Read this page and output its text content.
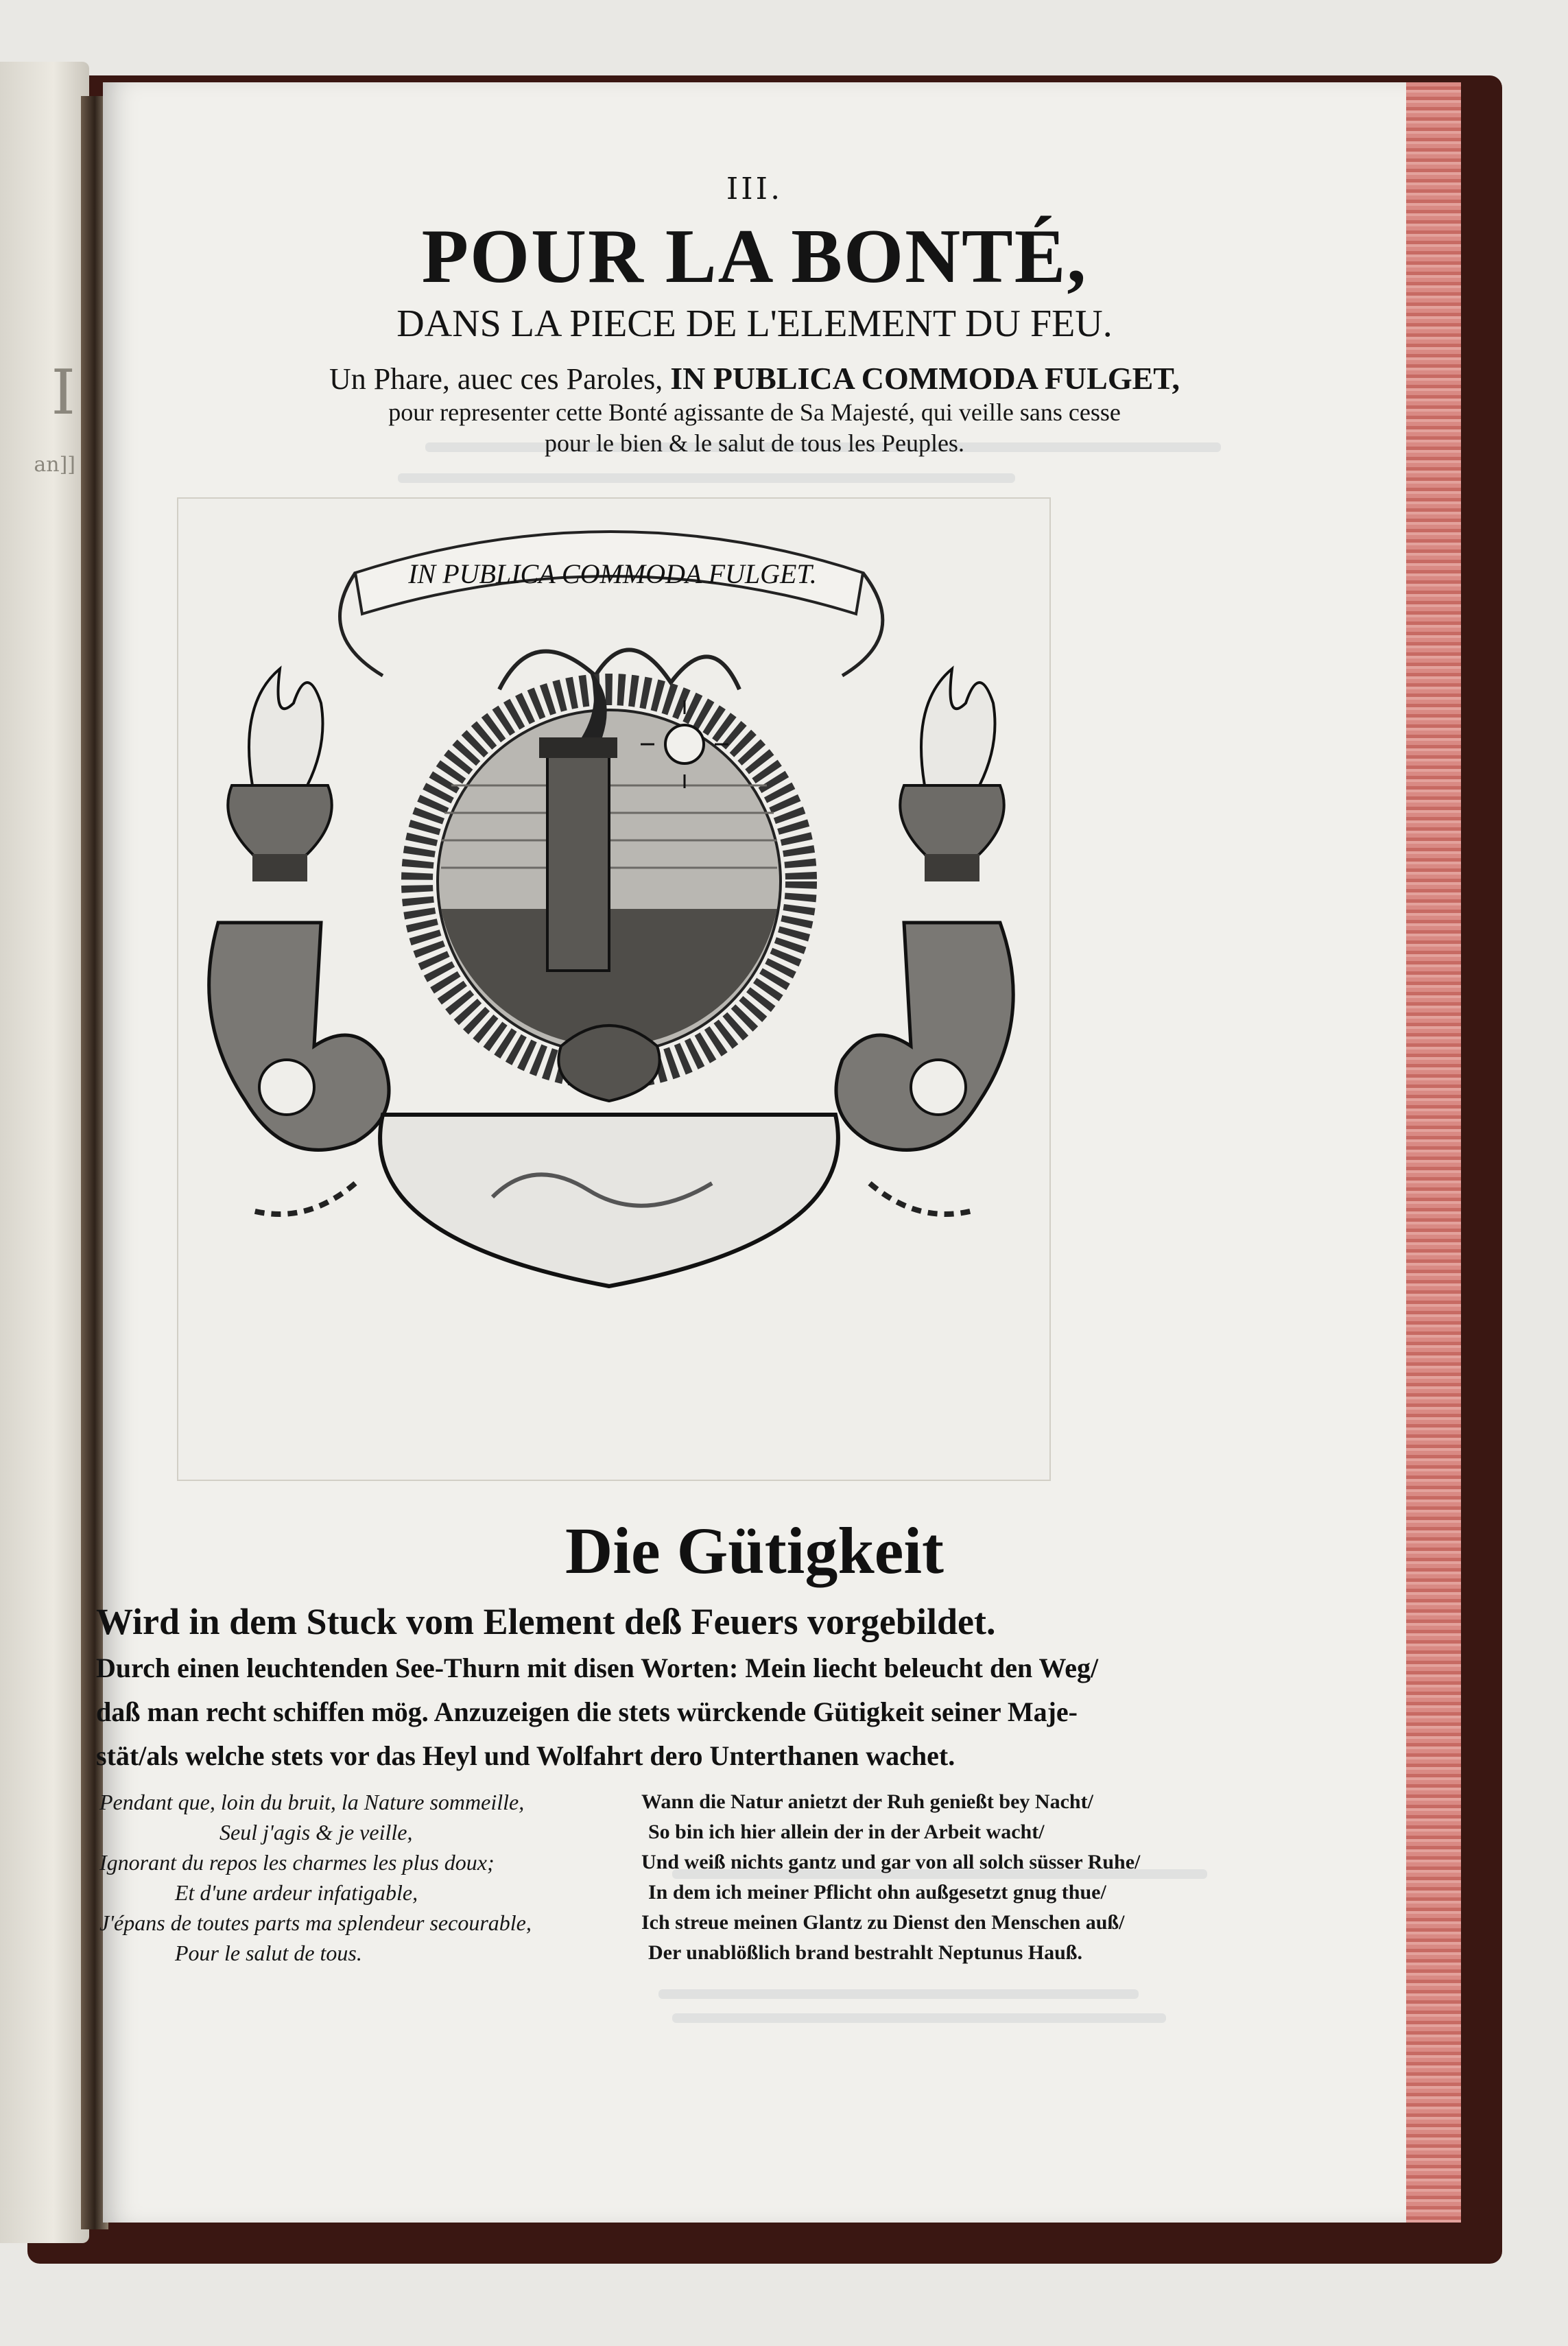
I
an]]
III.
POUR LA BONTÉ,
DANS LA PIECE DE L'ELEMENT DU FEU.
Un Phare, auec ces Paroles, IN PUBLICA COMMODA FULGET,
pour representer cette Bonté agissante de Sa Majesté, qui veille sans cesse
pour le bien & le salut de tous les Peuples.
IN PUBLICA COMMODA FULGET.
Die Gütigkeit
Wird in dem Stuck vom Element deß Feuers vorgebildet.
Durch einen leuchtenden See-Thurn mit disen Worten: Mein liecht beleucht den Weg/
daß man recht schiffen mög. Anzuzeigen die stets würckende Gütigkeit seiner Maje-
stät/als welche stets vor das Heyl und Wolfahrt dero Unterthanen wachet.
Pendant que, loin du bruit, la Nature sommeille,
Seul j'agis & je veille,
Ignorant du repos les charmes les plus doux;
Et d'une ardeur infatigable,
J'épans de toutes parts ma splendeur secourable,
Pour le salut de tous.
Wann die Natur anietzt der Ruh genießt bey Nacht/
So bin ich hier allein der in der Arbeit wacht/
Und weiß nichts gantz und gar von all solch süsser Ruhe/
In dem ich meiner Pflicht ohn außgesetzt gnug thue/
Ich streue meinen Glantz zu Dienst den Menschen auß/
Der unablößlich brand bestrahlt Neptunus Hauß.
